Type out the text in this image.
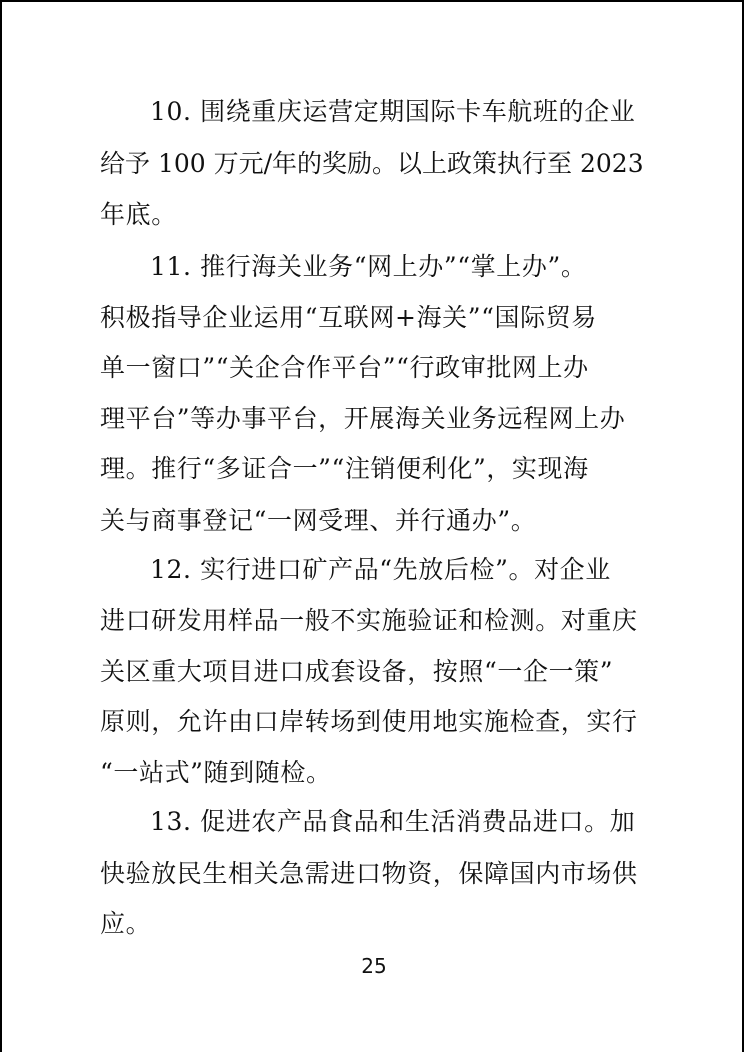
10. 围绕重庆运营定期国际卡车航班的企业
给予 100 万元/年的奖励。以上政策执行至 2023
年底。
11. 推行海关业务“网上办”“掌上办”。
积极指导企业运用“互联网+海关”“国际贸易
单一窗口”“关企合作平台”“行政审批网上办
理平台”等办事平台，开展海关业务远程网上办
理。推行“多证合一”“注销便利化”，实现海
关与商事登记“一网受理、并行通办”。
12. 实行进口矿产品“先放后检”。对企业
进口研发用样品一般不实施验证和检测。对重庆
关区重大项目进口成套设备，按照“一企一策”
原则，允许由口岸转场到使用地实施检查，实行
“一站式”随到随检。
13. 促进农产品食品和生活消费品进口。加
快验放民生相关急需进口物资，保障国内市场供
应。
25
